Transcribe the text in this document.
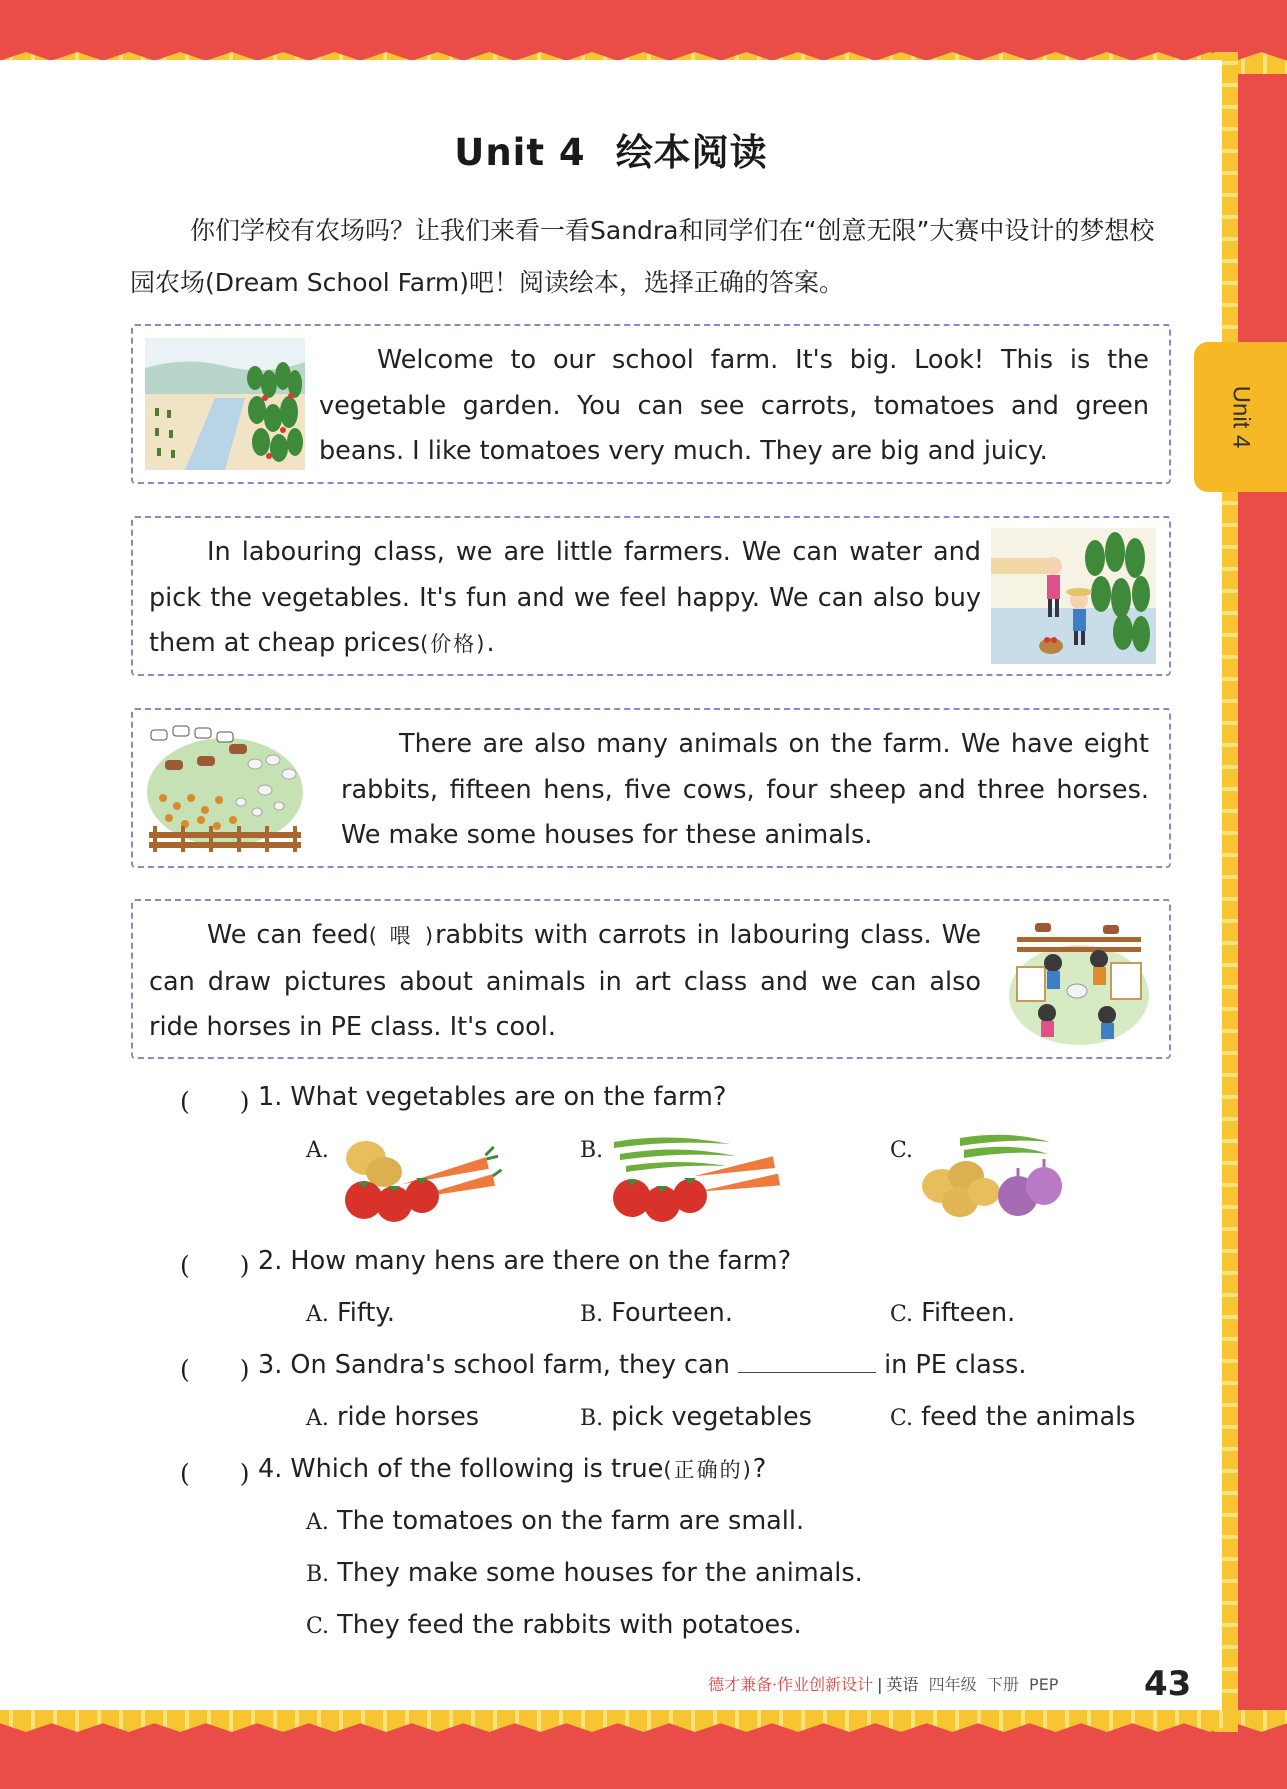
Unit 4
Unit 4 绘本阅读

你们学校有农场吗？让我们来看一看Sandra和同学们在“创意无限”大赛中设计的梦想校园农场(Dream School Farm)吧！阅读绘本，选择正确的答案。

Welcome to our school farm. It's big. Look! This is the vegetable garden. You can see carrots, tomatoes and green beans. I like tomatoes very much. They are big and juicy.

In labouring class, we are little farmers. We can water and pick the vegetables. It's fun and we feel happy. We can also buy them at cheap prices(价格).

There are also many animals on the farm. We have eight rabbits, fifteen hens, five cows, four sheep and three horses. We make some houses for these animals.

We can feed( 喂 )rabbits with carrots in labouring class. We can draw pictures about animals in art class and we can also ride horses in PE class. It's cool.

(　　) 1. What vegetables are on the farm?
A.	B.	C.
(　　) 2. How many hens are there on the farm?
A. Fifty.	B. Fourteen.	C. Fifteen.
(　　) 3. On Sandra's school farm, they can	in PE class.
A. ride horses	B. pick vegetables	C. feed the animals
(　　) 4. Which of the following is true(正确的)?
A. The tomatoes on the farm are small.
B. They make some houses for the animals.
C. They feed the rabbits with potatoes.
德才兼备·作业创新设计 | 英语 四年级 下册 PEP	43
